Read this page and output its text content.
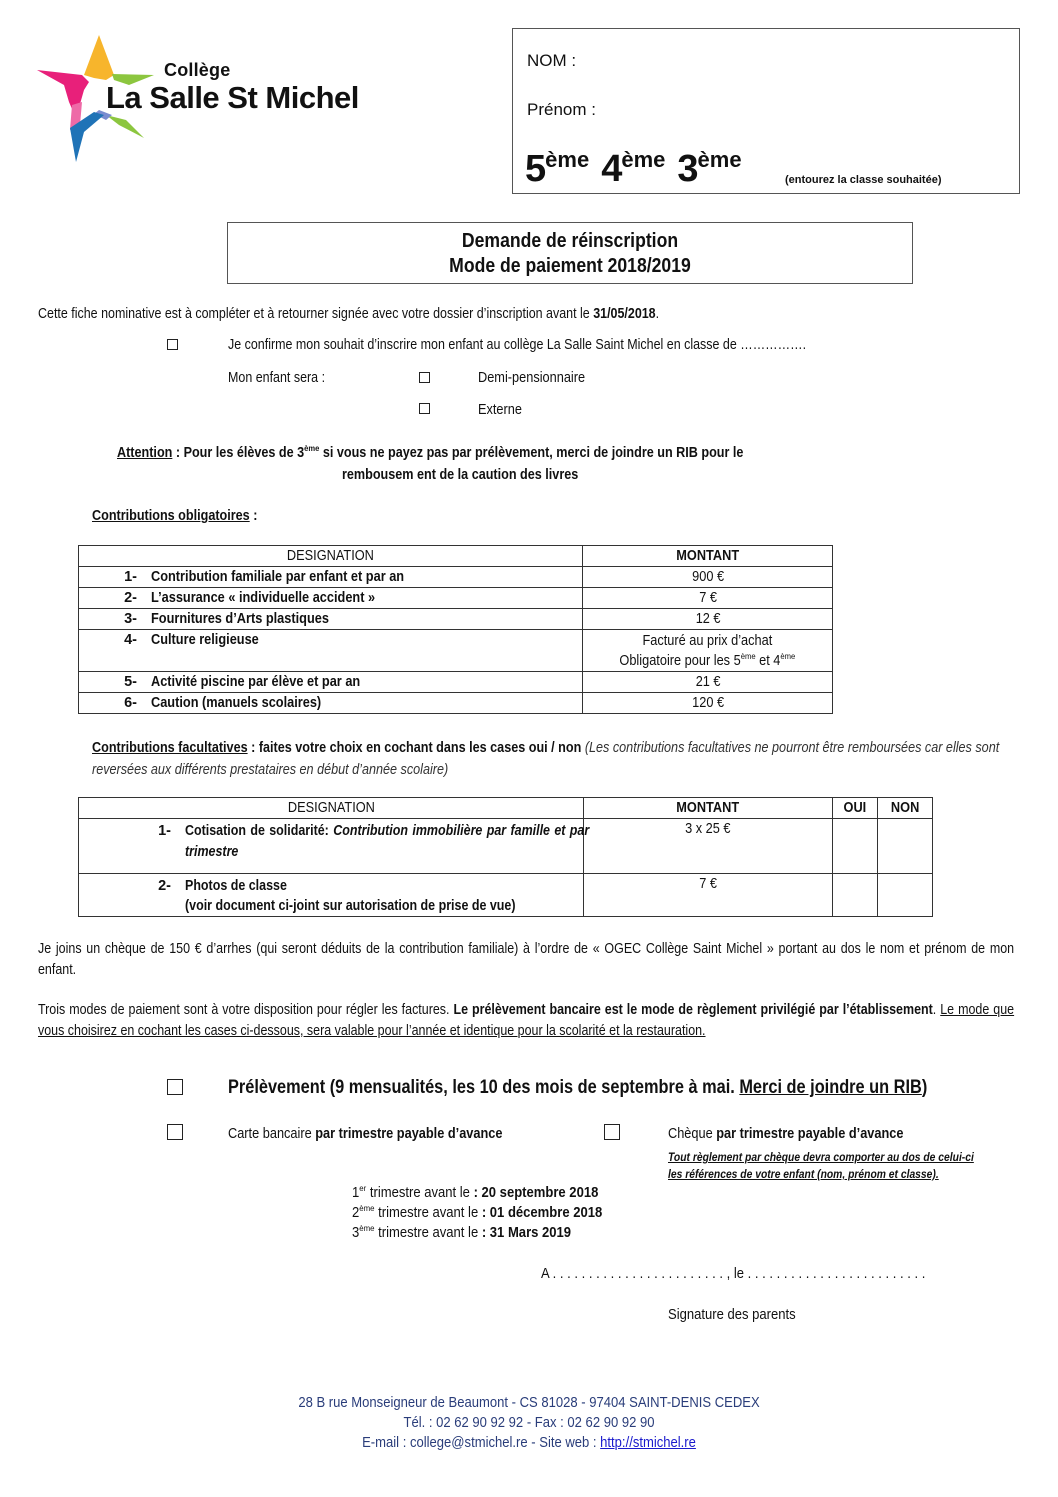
Collège
La Salle St Michel
NOM :
Prénom :
5ème 4ème 3ème
(entourez la classe souhaitée)
Demande de réinscription
Mode de paiement 2018/2019
Cette fiche nominative est à compléter et à retourner signée avec votre dossier d’inscription avant le 31/05/2018.
Je confirme mon souhait d’inscrire mon enfant au collège La Salle Saint Michel en classe de …………….
Mon enfant sera :	Demi-pensionnaire
Externe
Attention : Pour les élèves de 3ème si vous ne payez pas par prélèvement, merci de joindre un RIB pour le
rembousem ent de la caution des livres
Contributions obligatoires :
DESIGNATION	MONTANT
1- Contribution familiale par enfant et par an	900 €
2- L’assurance « individuelle accident »	7 €
3- Fournitures d’Arts plastiques	12 €
4- Culture religieuse	Facturé au prix d’achat
Obligatoire pour les 5ème et 4ème

5- Activité piscine par élève et par an	21 €
6- Caution (manuels scolaires)	120 €
Contributions facultatives : faites votre choix en cochant dans les cases oui / non (Les contributions facultatives ne pourront être remboursées car elles sont reversées aux différents prestataires en début d’année scolaire)
DESIGNATION	MONTANT	OUI	NON

1- Cotisation de solidarité: Contribution immobilière par famille et par trimestre	3 x 25 €		

2- Photos de classe
(voir document ci-joint sur autorisation de prise de vue)	7 €		
Je joins un chèque de 150 € d’arrhes (qui seront déduits de la contribution familiale) à l’ordre de « OGEC Collège Saint Michel » portant au dos le nom et prénom de mon enfant.
Trois modes de paiement sont à votre disposition pour régler les factures. Le prélèvement bancaire est le mode de règlement privilégié par l’établissement. Le mode que vous choisirez en cochant les cases ci-dessous, sera valable pour l’année et identique pour la scolarité et la restauration.
Prélèvement (9 mensualités, les 10 des mois de septembre à mai. Merci de joindre un RIB)
Carte bancaire par trimestre payable d’avance	Chèque par trimestre payable d’avance
Tout règlement par chèque devra comporter au dos de celui-ci
les références de votre enfant (nom, prénom et classe).
1er trimestre avant le : 20 septembre 2018
2ème trimestre avant le : 01 décembre 2018
3ème trimestre avant le : 31 Mars 2019
A . . . . . . . . . . . . . . . . . . . . . . . . , le . . . . . . . . . . . . . . . . . . . . . . . . .
Signature des parents
28 B rue Monseigneur de Beaumont - CS 81028 - 97404 SAINT-DENIS CEDEX
Tél. : 02 62 90 92 92 - Fax : 02 62 90 92 90
E-mail : college@stmichel.re - Site web : http://stmichel.re
